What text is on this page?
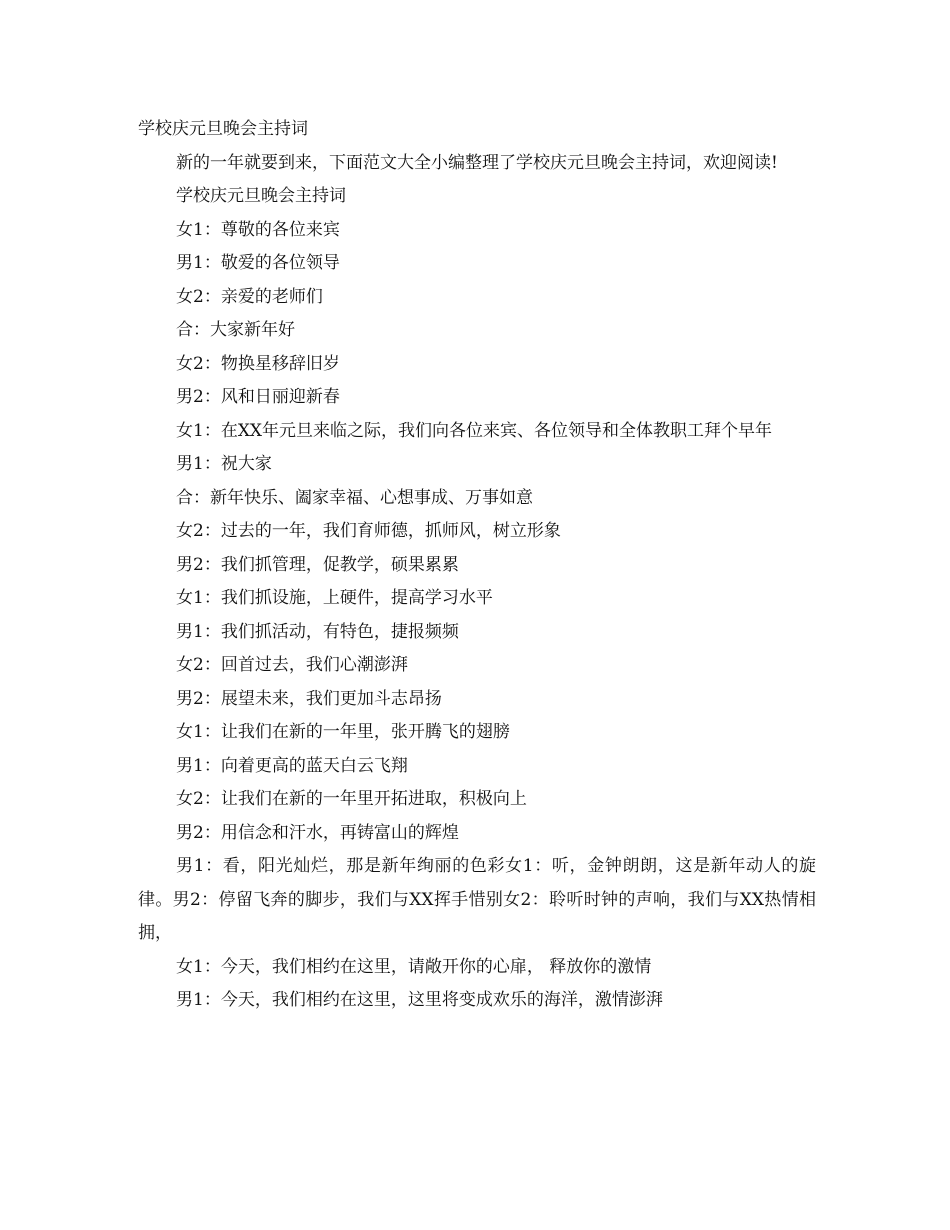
学校庆元旦晚会主持词

新的一年就要到来，下面范文大全小编整理了学校庆元旦晚会主持词，欢迎阅读!

学校庆元旦晚会主持词

女1：尊敬的各位来宾

男1：敬爱的各位领导

女2：亲爱的老师们

合：大家新年好

女2：物换星移辞旧岁

男2：风和日丽迎新春

女1：在XX年元旦来临之际，我们向各位来宾、各位领导和全体教职工拜个早年

男1：祝大家

合：新年快乐、阖家幸福、心想事成、万事如意

女2：过去的一年，我们育师德，抓师风，树立形象

男2：我们抓管理，促教学，硕果累累

女1：我们抓设施，上硬件，提高学习水平

男1：我们抓活动，有特色，捷报频频

女2：回首过去，我们心潮澎湃

男2：展望未来，我们更加斗志昂扬

女1：让我们在新的一年里，张开腾飞的翅膀

男1：向着更高的蓝天白云飞翔

女2：让我们在新的一年里开拓进取，积极向上

男2：用信念和汗水，再铸富山的辉煌

男1：看，阳光灿烂，那是新年绚丽的色彩女1：听，金钟朗朗，这是新年动人的旋律。男2：停留飞奔的脚步，我们与XX挥手惜别女2：聆听时钟的声响，我们与XX热情相拥，

女1：今天，我们相约在这里，请敞开你的心扉， 释放你的激情

男1：今天，我们相约在这里，这里将变成欢乐的海洋，激情澎湃
